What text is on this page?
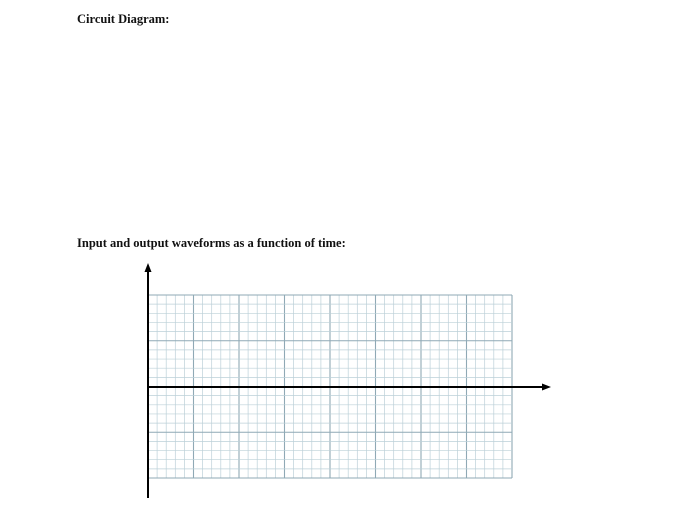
Circuit Diagram:
Input and output waveforms as a function of time:
